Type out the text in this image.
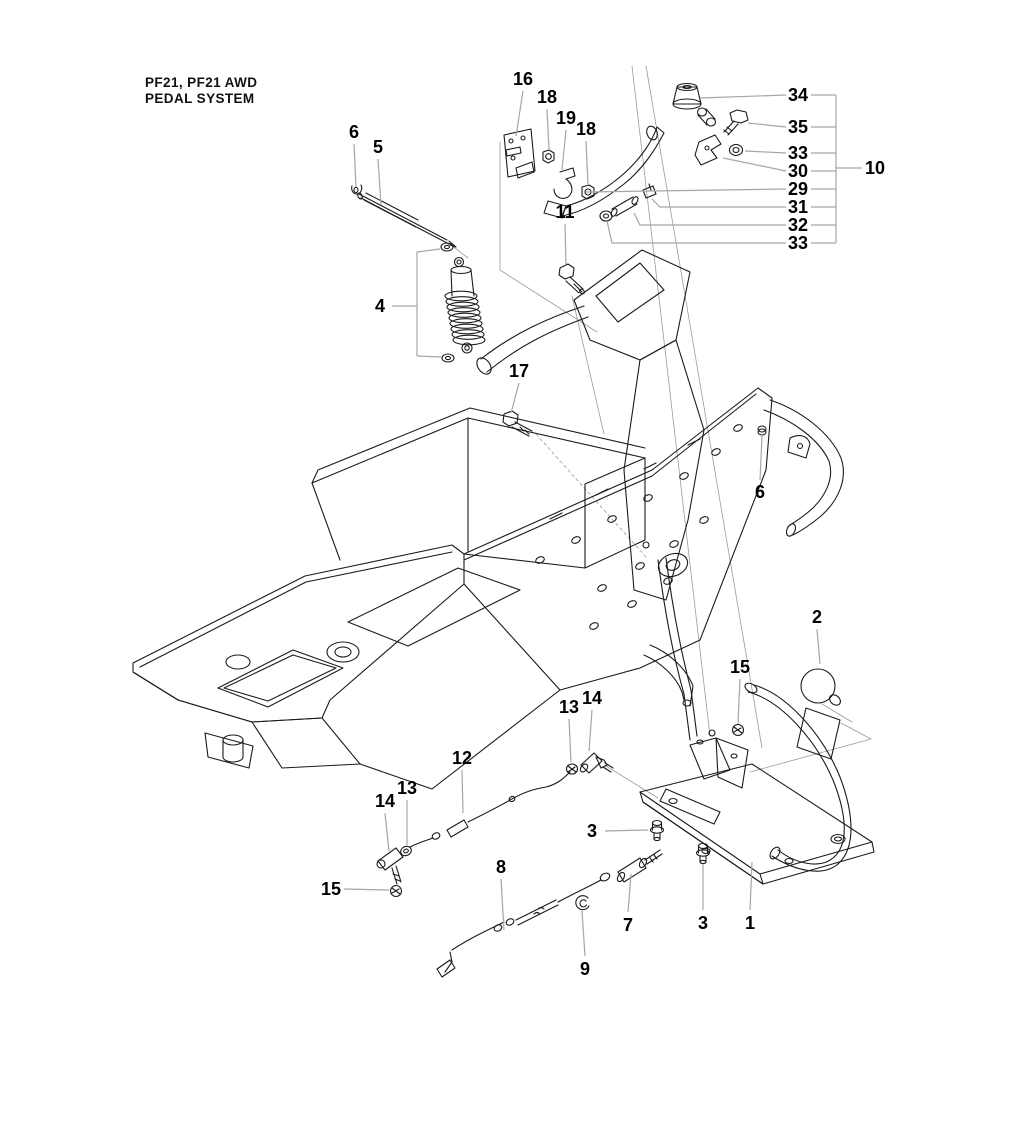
PF21, PF21 AWD
PEDAL SYSTEM
6
5
4
16
18
19
18
11
17
34
35
33
30
29
31
32
33
10
6
2
15
13 14
12
14
13
15
8
9
7
3
3 1
